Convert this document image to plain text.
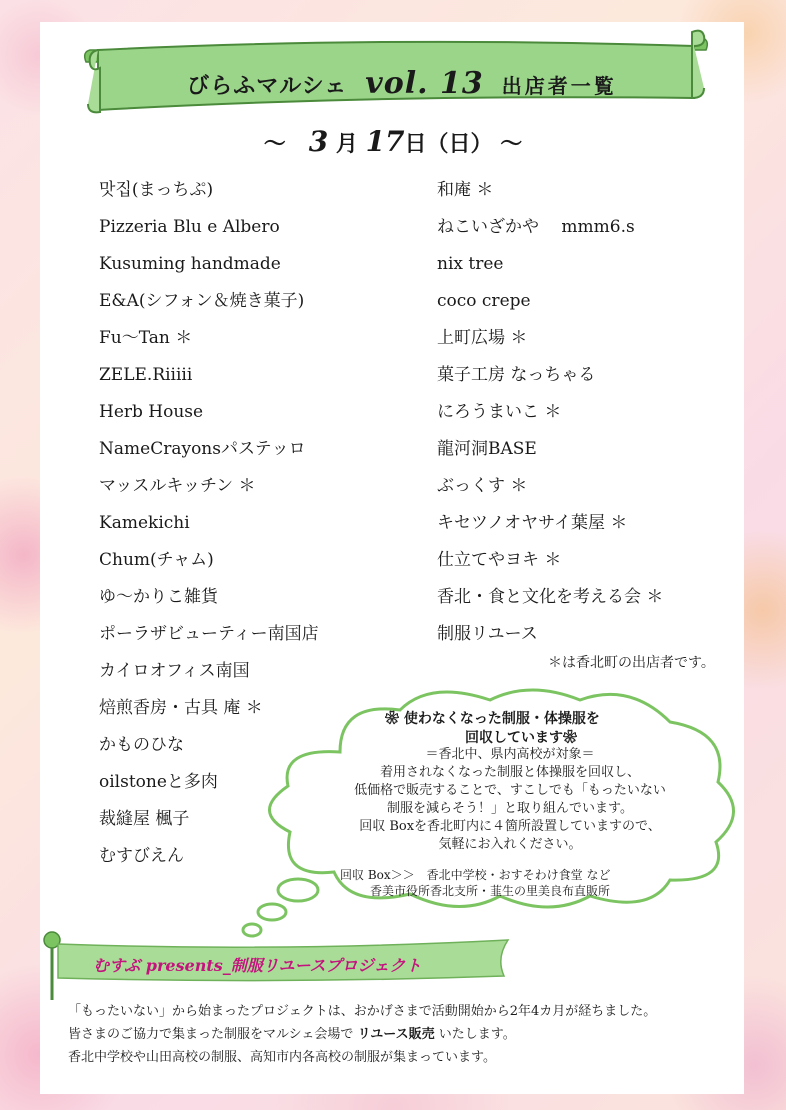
びらふマルシェ vol. 13 出店者一覧
〜 3 月 17日（日） 〜
맛집(まっちぷ)
Pizzeria Blu e Albero
Kusuming handmade
E&A(シフォン＆焼き菓子)
Fu～Tan ＊
ZELE.Riiiii
Herb House
NameCrayonsパステッロ
マッスルキッチン ＊
Kamekichi
Chum(チャム)
ゆ～かりこ雑貨
ポーラザビューティー南国店
カイロオフィス南国
焙煎香房・古具 庵 ＊
かものひな
oilstoneと多肉
裁縫屋 楓子
むすびえん
和庵 ＊
ねこいざかや　 mmm6.s
nix tree
coco crepe
上町広場 ＊
菓子工房 なっちゃる
にろうまいこ ＊
龍河洞BASE
ぶっくす ＊
キセツノオヤサイ葉屋 ＊
仕立てやヨキ ＊
香北・食と文化を考える会 ＊
制服リユース
＊は香北町の出店者です。
❀ 使わなくなった制服・体操服を
回収しています❀
＝香北中、県内高校が対象＝
着用されなくなった制服と体操服を回収し、
低価格で販売することで、すこしでも「もったいない
制服を減らそう！」と取り組んでいます。
回収 Boxを香北町内に４箇所設置していますので、
気軽にお入れください。
回収 Box＞＞　香北中学校・おすそわけ食堂 など
香美市役所香北支所・韮生の里美良布直販所
むすぶ presents_制服リユースプロジェクト
「もったいない」から始まったプロジェクトは、おかげさまで活動開始から2年4カ月が経ちました。
皆さまのご協力で集まった制服をマルシェ会場で リユース販売 いたします。
香北中学校や山田高校の制服、高知市内各高校の制服が集まっています。
